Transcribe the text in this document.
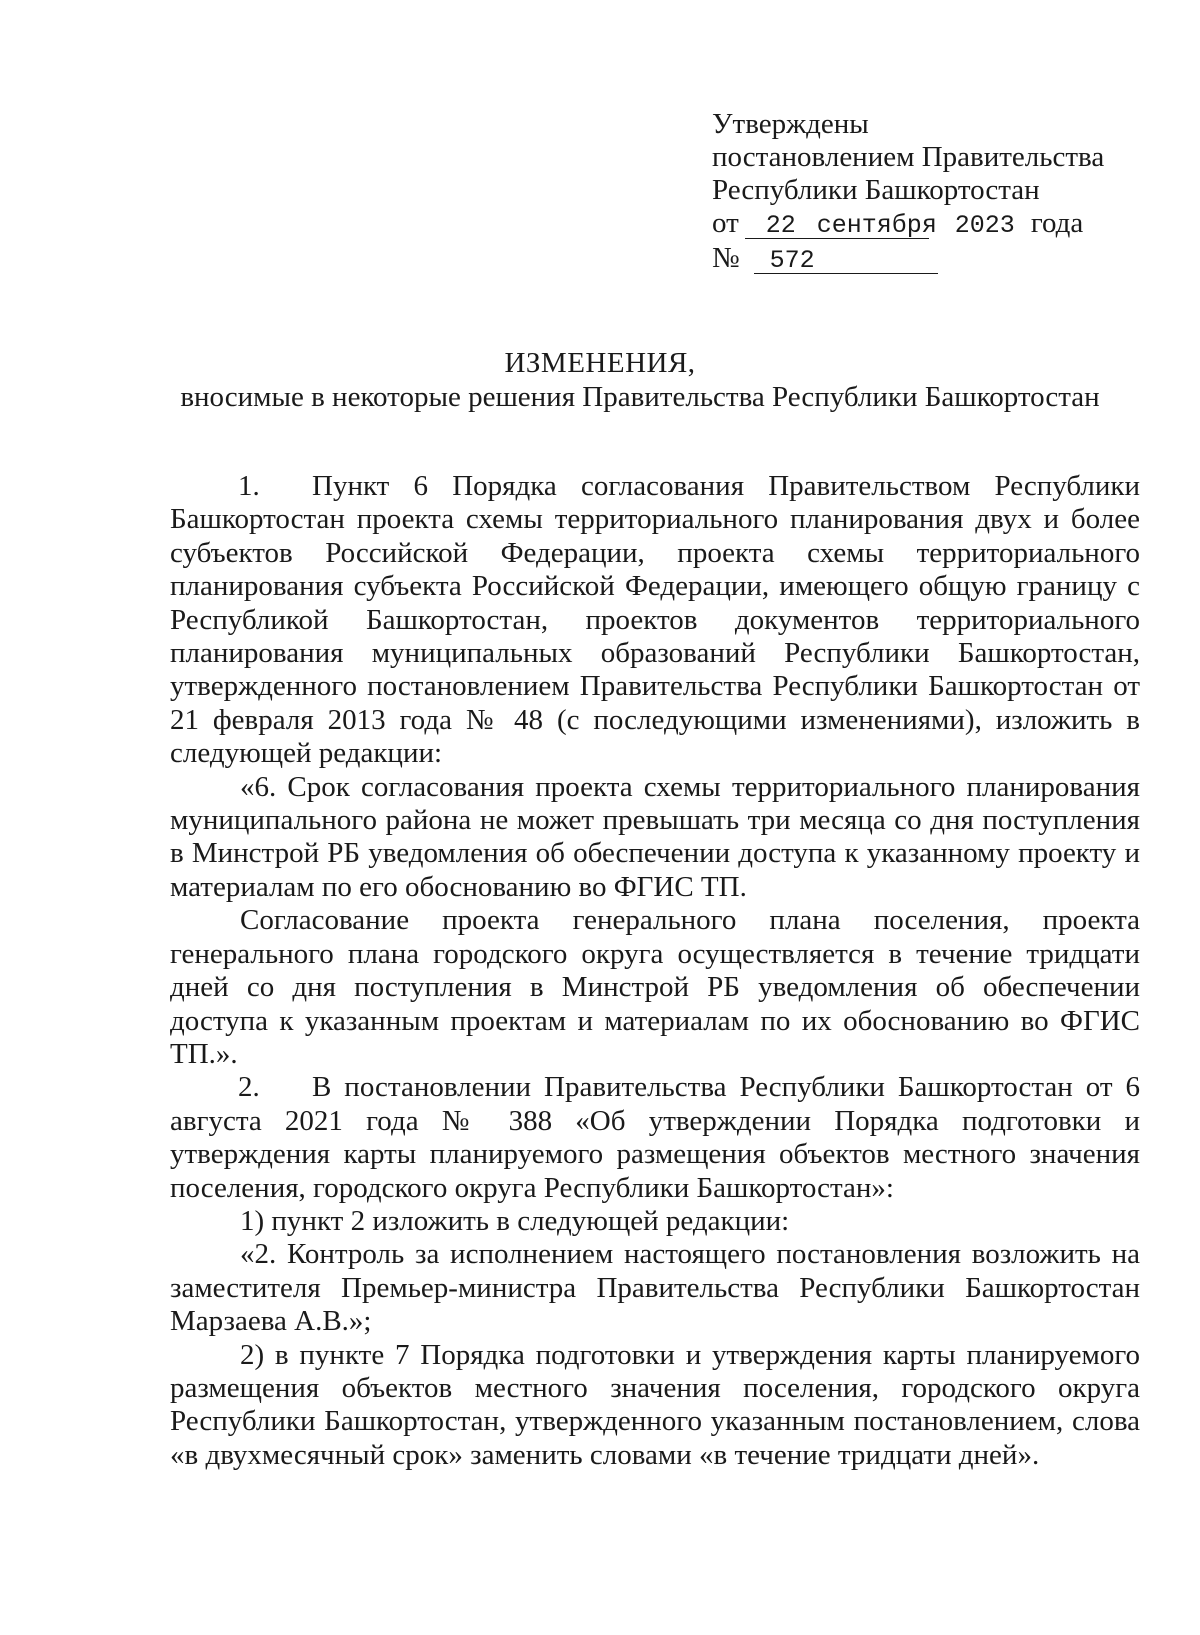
Утверждены
постановлением Правительства
Республики Башкортостан
от 22 сентября 2023 года
№ 572
ИЗМЕНЕНИЯ,
вносимые в некоторые решения Правительства Республики Башкортостан

1. Пункт 6 Порядка согласования Правительством Республики Башкортостан проекта схемы территориального планирования двух и более субъектов Российской Федерации, проекта схемы территориального планирования субъекта Российской Федерации, имеющего общую границу с Республикой Башкортостан, проектов документов территориального планирования муниципальных образований Республики Башкортостан, утвержденного постановлением Правительства Республики Башкортостан от 21 февраля 2013 года № 48 (с последующими изменениями), изложить в следующей редакции:

«6. Срок согласования проекта схемы территориального планирования муниципального района не может превышать три месяца со дня поступления в Минстрой РБ уведомления об обеспечении доступа к указанному проекту и материалам по его обоснованию во ФГИС ТП.

Согласование проекта генерального плана поселения, проекта генерального плана городского округа осуществляется в течение тридцати дней со дня поступления в Минстрой РБ уведомления об обеспечении доступа к указанным проектам и материалам по их обоснованию во ФГИС ТП.».

2. В постановлении Правительства Республики Башкортостан от 6 августа 2021 года № 388 «Об утверждении Порядка подготовки и утверждения карты планируемого размещения объектов местного значения поселения, городского округа Республики Башкортостан»:

1) пункт 2 изложить в следующей редакции:

«2. Контроль за исполнением настоящего постановления возложить на заместителя Премьер-министра Правительства Республики Башкортостан Марзаева А.В.»;

2) в пункте 7 Порядка подготовки и утверждения карты планируемого размещения объектов местного значения поселения, городского округа Республики Башкортостан, утвержденного указанным постановлением, слова «в двухмесячный срок» заменить словами «в течение тридцати дней».
